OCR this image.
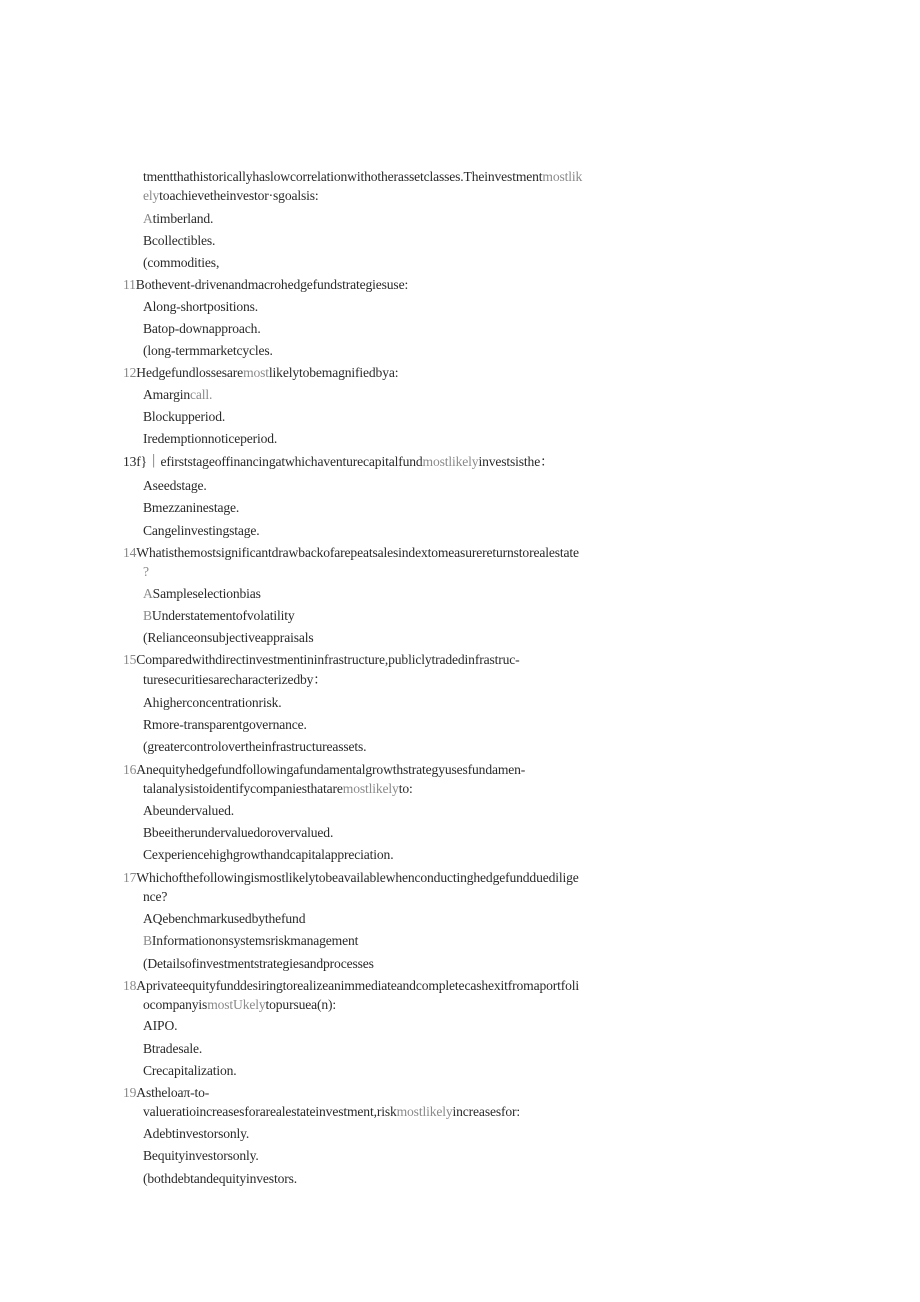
tmentthathistoricallyhaslowcorrelationwithotherassetclasses.Theinvestmentmostlik
elytoachievetheinvestor·sgoalsis:
Atimberland.
Bcollectibles.
(commodities,
11Bothevent-drivenandmacrohedgefundstrategiesuse:
Along-shortpositions.
Batop-downapproach.
(long-termmarketcycles.
12Hedgefundlossesaremostlikelytobemagnifiedbya:
Amargincall.
Blockupperiod.
Iredemptionnoticeperiod.
13f}｜efirststageoffinancingatwhichaventurecapitalfundmostlikelyinvestsisthe：
Aseedstage.
Bmezzaninestage.
Cangelinvestingstage.
14Whatisthemostsignificantdrawbackofarepeatsalesindextomeasurereturnstorealestate
?
ASampleselectionbias
BUnderstatementofvolatility
(Relianceonsubjectiveappraisals
15Comparedwithdirectinvestmentininfrastructure,publiclytradedinfrastruc-
turesecuritiesarecharacterizedby：
Ahigherconcentrationrisk.
Rmore-transparentgovernance.
(greatercontrolovertheinfrastructureassets.
16Anequityhedgefundfollowingafundamentalgrowthstrategyusesfundamen-
talanalysistoidentifycompaniesthataremostlikelyto:
Abeundervalued.
Bbeeitherundervaluedorovervalued.
Cexperiencehighgrowthandcapitalappreciation.
17Whichofthefollowingismostlikelytobeavailablewhenconductinghedgefundduedilige
nce?
AQebenchmarkusedbythefund
BInformationonsystemsriskmanagement
(Detailsofinvestmentstrategiesandprocesses
18Aprivateequityfunddesiringtorealizeanimmediateandcompletecashexitfromaportfoli
ocompanyismostUkelytopursuea(n):
AIPO.
Btradesale.
Crecapitalization.
19Astheloaπ-to-
valueratioincreasesforarealestateinvestment,riskmostlikelyincreasesfor:
Adebtinvestorsonly.
Bequityinvestorsonly.
(bothdebtandequityinvestors.
